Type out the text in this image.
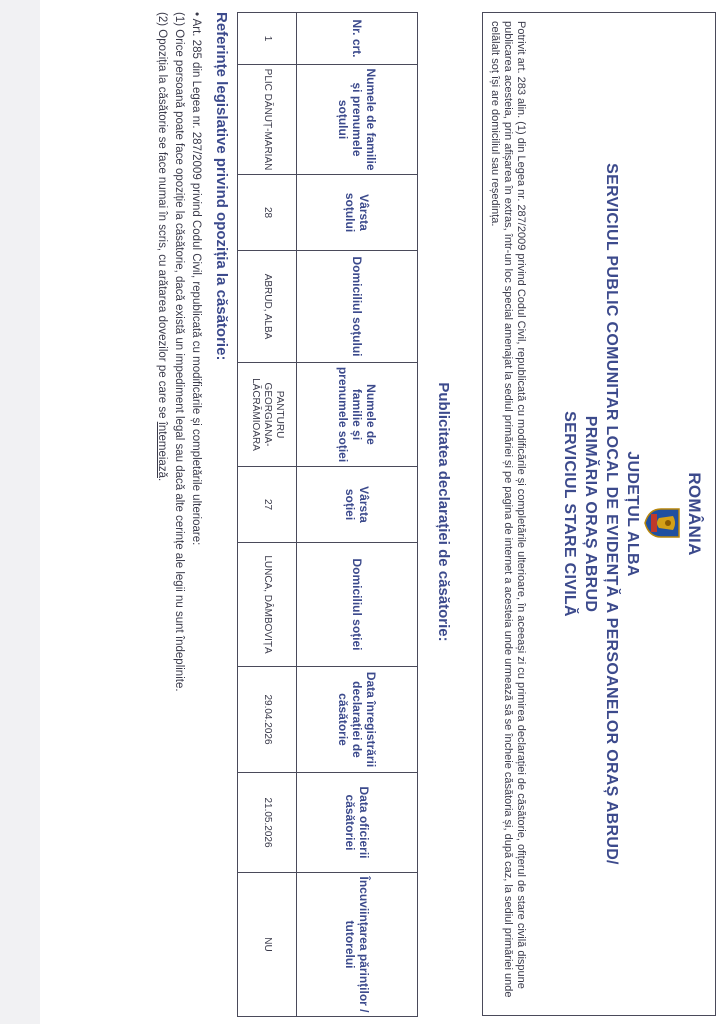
ROMÂNIA
JUDEȚUL ALBA
SERVICIUL PUBLIC COMUNITAR LOCAL DE EVIDENȚĂ A PERSOANELOR ORAȘ ABRUD/
PRIMĂRIA ORAȘ ABRUD
SERVICIUL STARE CIVILĂ
Potrivit art. 283 alin. (1) din Legea nr. 287/2009 privind Codul Civil, republicată cu modificările și completările ulterioare, în aceeași zi cu primirea declarației de căsătorie, ofițerul de stare civilă dispune publicarea acesteia, prin afișarea în extras, într-un loc special amenajat la sediul primăriei și pe pagina de internet a acesteia unde urmează să se încheie căsătoria și, după caz, la sediul primăriei unde celălalt soț își are domiciliul sau reședința.
Publicitatea declarației de căsătorie:
Nr. crt.	Numele de familie și prenumele soțului	Vârsta soțului	Domiciliul soțului	Numele de familie și prenumele soției	Vârsta soției	Domiciliul soției	Data înregistrării declarației de căsătorie	Data oficierii căsătoriei	Încuviințarea părinților / tutorelui
1	PLIC DĂNUȚ-MARIAN	28	ABRUD, ALBA	PANTURU GEORGIANA-LĂCRĂMIOARA	27	LUNCA, DÂMBOVIȚA	29.04.2026	21.05.2026	NU
Referințe legislative privind opoziția la căsătorie:

• Art. 285 din Legea nr. 287/2009 privind Codul Civil, republicată cu modificările și completările ulterioare:

(1) Orice persoană poate face opoziție la căsătorie, dacă există un impediment legal sau dacă alte cerințe ale legii nu sunt îndeplinite.

(2) Opoziția la căsătorie se face numai în scris, cu arătarea dovezilor pe care se întemeiază.
